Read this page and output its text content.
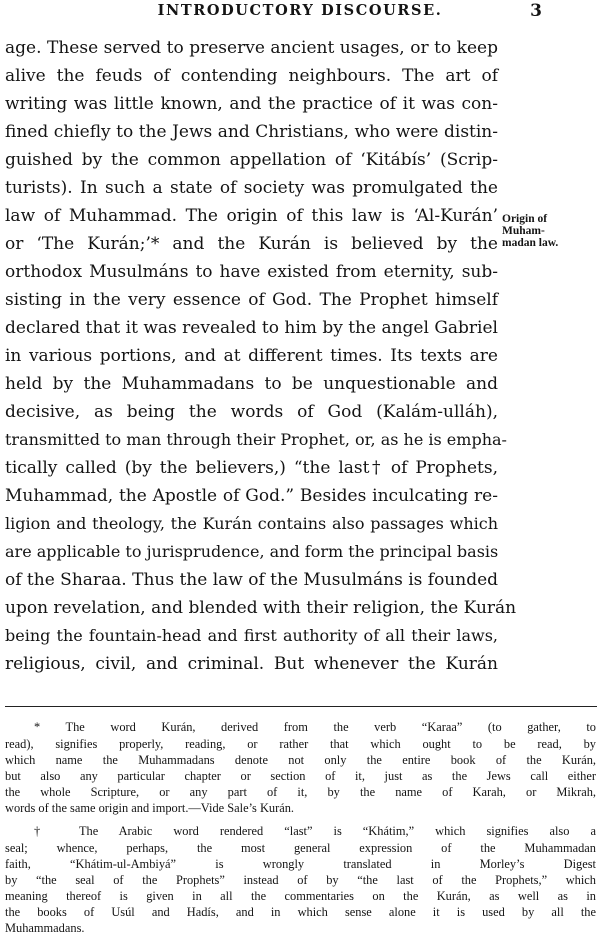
INTRODUCTORY DISCOURSE.	3
age. These served to preserve ancient usages, or to keep
alive the feuds of contending neighbours. The art of
writing was little known, and the practice of it was con-
fined chiefly to the Jews and Christians, who were distin-
guished by the common appellation of ‘Kitábís’ (Scrip-
turists). In such a state of society was promulgated the
law of Muhammad. The origin of this law is ‘Al-Kurán’
or ‘The Kurán;’* and the Kurán is believed by the
orthodox Musulmáns to have existed from eternity, sub-
sisting in the very essence of God. The Prophet himself
declared that it was revealed to him by the angel Gabriel
in various portions, and at different times. Its texts are
held by the Muhammadans to be unquestionable and
decisive, as being the words of God (Kalám-ulláh),
transmitted to man through their Prophet, or, as he is empha-
tically called (by the believers,) “the last† of Prophets,
Muhammad, the Apostle of God.” Besides inculcating re-
ligion and theology, the Kurán contains also passages which
are applicable to jurisprudence, and form the principal basis
of the Sharaa. Thus the law of the Musulmáns is founded
upon revelation, and blended with their religion, the Kurán
being the fountain-head and first authority of all their laws,
religious, civil, and criminal. But whenever the Kurán
Origin of
Muham-
madan law.
* The word Kurán, derived from the verb “Karaa” (to gather, to
read), signifies properly, reading, or rather that which ought to be read, by
which name the Muhammadans denote not only the entire book of the Kurán,
but also any particular chapter or section of it, just as the Jews call either
the whole Scripture, or any part of it, by the name of Karah, or Mikrah,
words of the same origin and import.—Vide Sale’s Kurán.
† The Arabic word rendered “last” is “Khátim,” which signifies also a
seal; whence, perhaps, the most general expression of the Muhammadan
faith, “Khátim-ul-Ambiyá” is wrongly translated in Morley’s Digest
by “the seal of the Prophets” instead of by “the last of the Prophets,” which
meaning thereof is given in all the commentaries on the Kurán, as well as in
the books of Usúl and Hadís, and in which sense alone it is used by all the
Muhammadans.
